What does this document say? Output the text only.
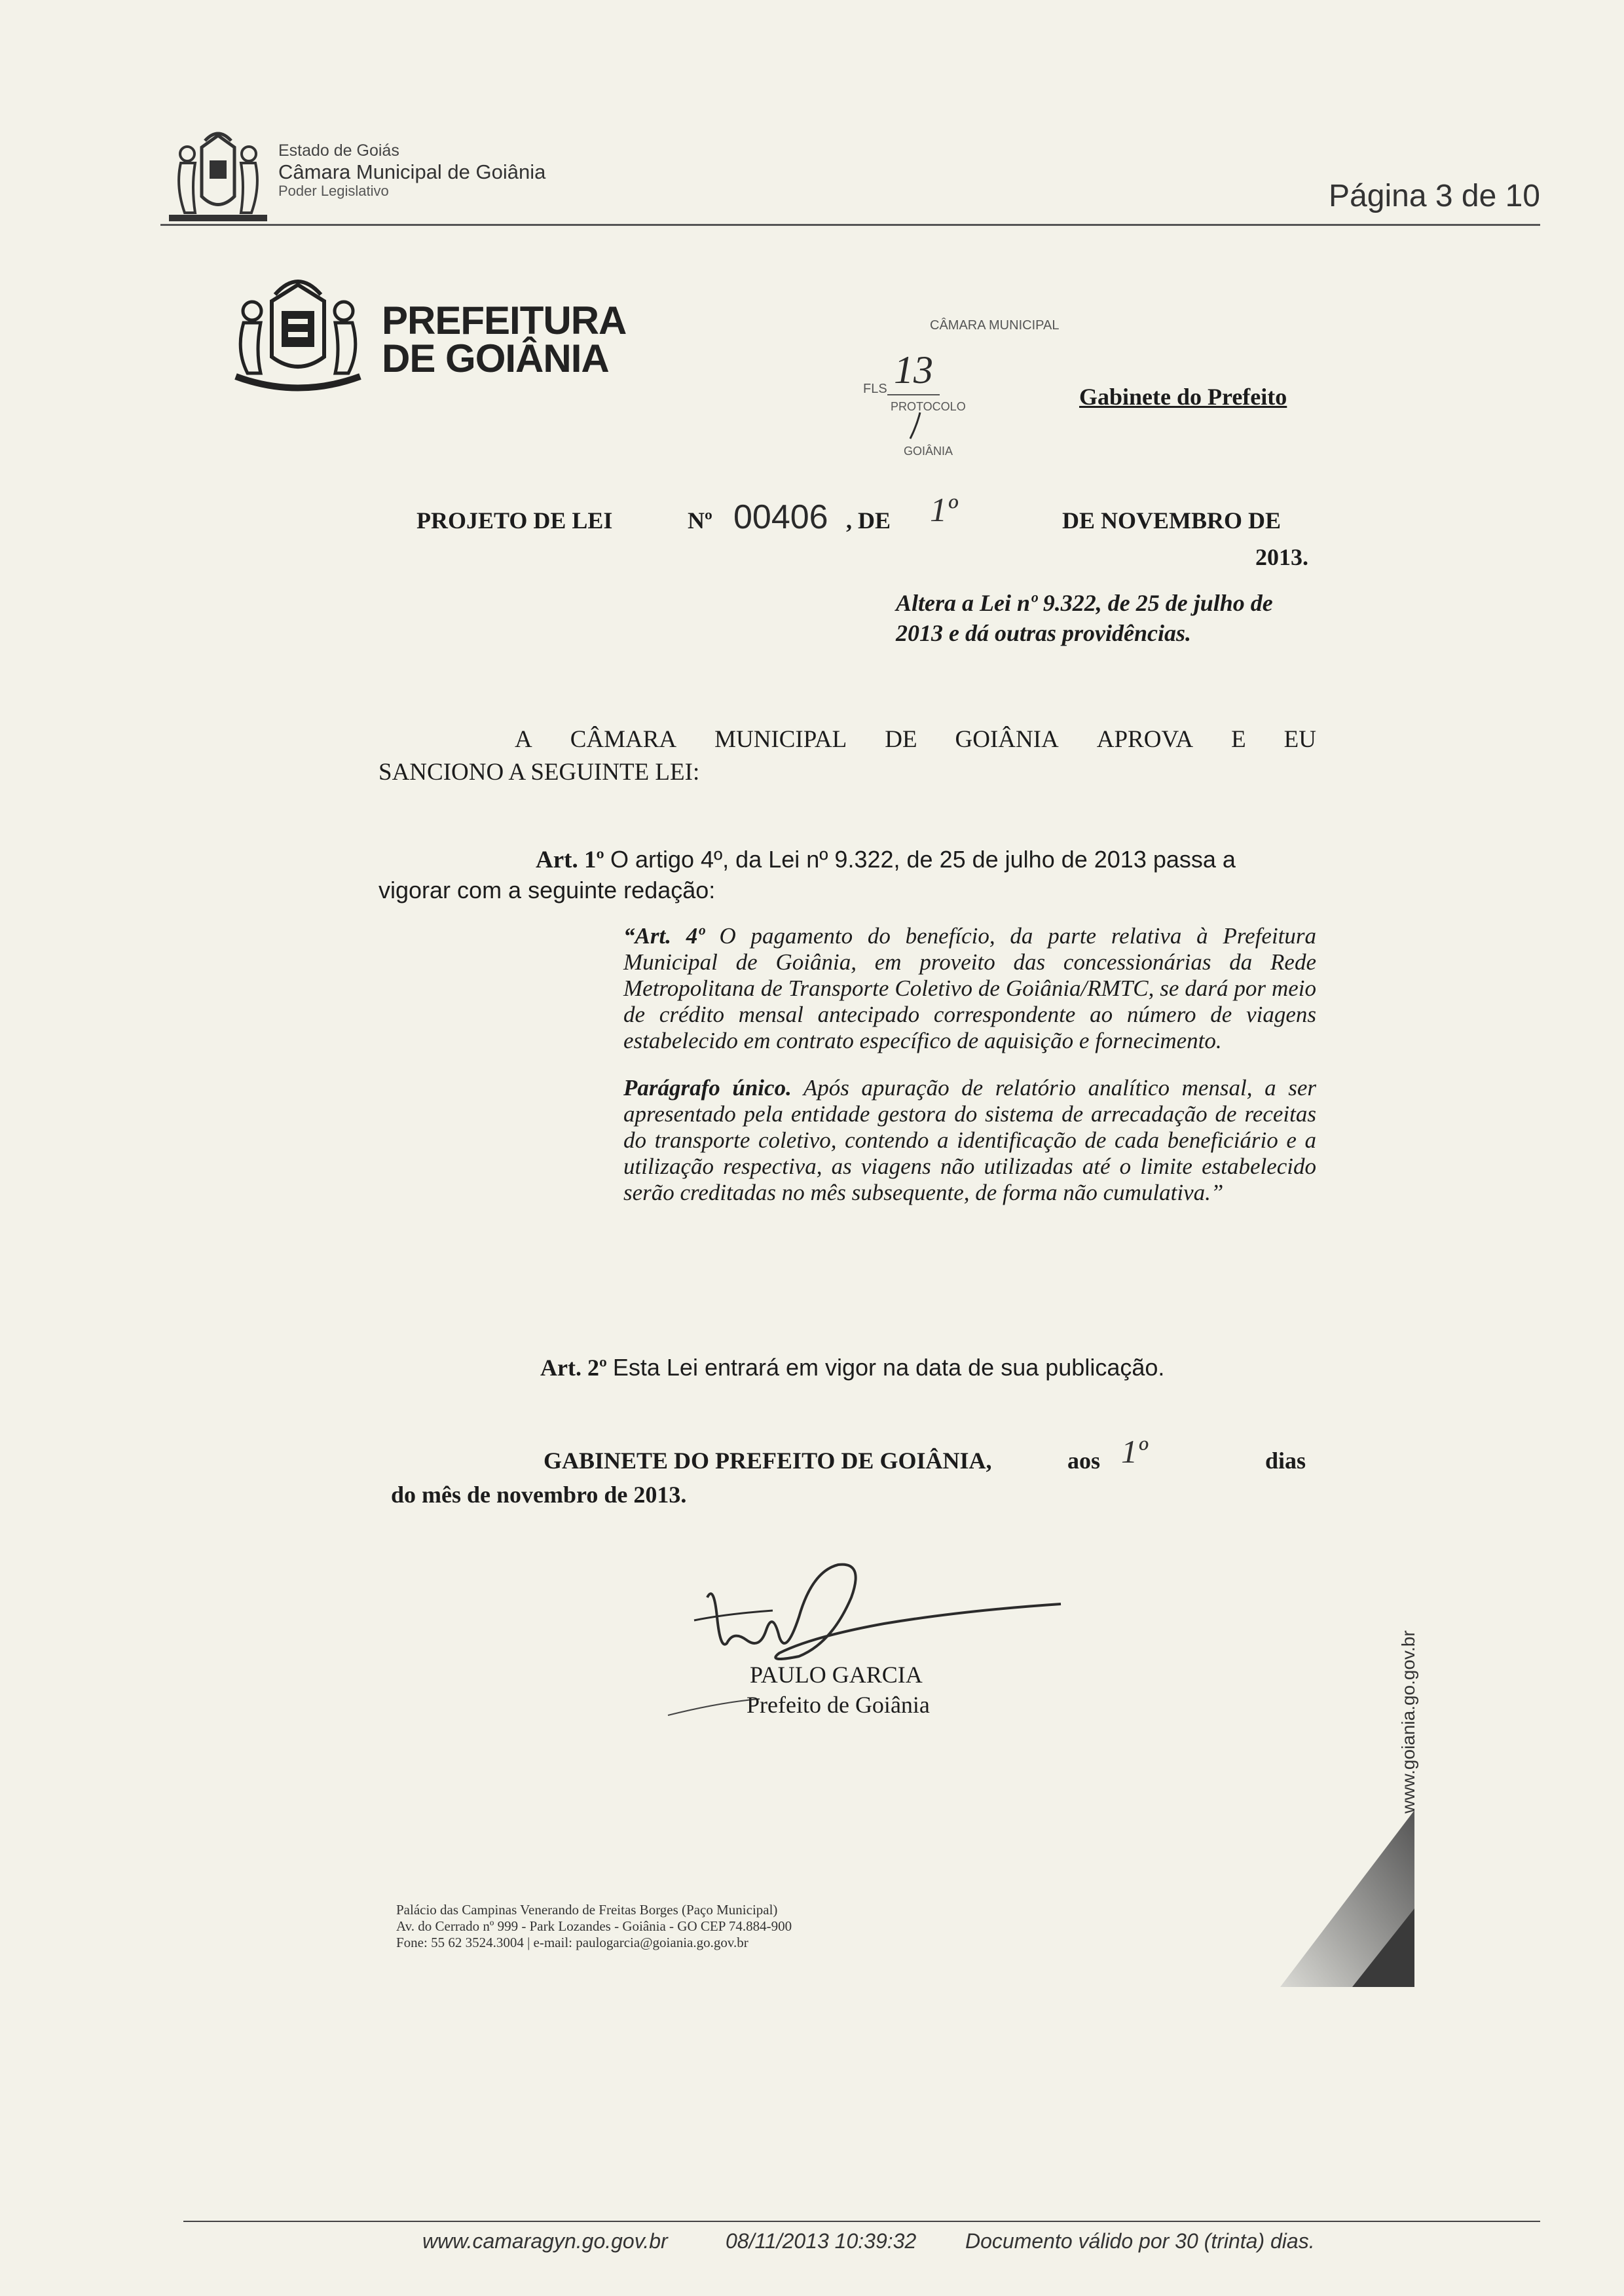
Estado de Goiás
Câmara Municipal de Goiânia
Poder Legislativo	Página 3 de 10
PREFEITURA
DE GOIÂNIA
CÂMARA MUNICIPAL
FLS
PROTOCOLO
13
GOIÂNIA
Gabinete do Prefeito
PROJETO DE LEI	Nº 00406 , DE 1º	DE NOVEMBRO DE
2013.
Altera a Lei nº 9.322, de 25 de julho de 2013 e dá outras providências.
A CÂMARA MUNICIPAL DE GOIÂNIA APROVA E EU
SANCIONO A SEGUINTE LEI:
Art. 1º O artigo 4º, da Lei nº 9.322, de 25 de julho de 2013 passa a
vigorar com a seguinte redação:

“Art. 4º O pagamento do benefício, da parte relativa à Prefeitura Municipal de Goiânia, em proveito das concessionárias da Rede Metropolitana de Transporte Coletivo de Goiânia/RMTC, se dará por meio de crédito mensal antecipado correspondente ao número de viagens estabelecido em contrato específico de aquisição e fornecimento.

Parágrafo único. Após apuração de relatório analítico mensal, a ser apresentado pela entidade gestora do sistema de arrecadação de receitas do transporte coletivo, contendo a identificação de cada beneficiário e a utilização respectiva, as viagens não utilizadas até o limite estabelecido serão creditadas no mês subsequente, de forma não cumulativa.”

Art. 2º Esta Lei entrará em vigor na data de sua publicação.
GABINETE DO PREFEITO DE GOIÂNIA,	aos	dias
1º
do mês de novembro de 2013.
PAULO GARCIA
Prefeito de Goiânia
Palácio das Campinas Venerando de Freitas Borges (Paço Municipal)
Av. do Cerrado nº 999 - Park Lozandes - Goiânia - GO CEP 74.884-900
Fone: 55 62 3524.3004 | e-mail: paulogarcia@goiania.go.gov.br
www.goiania.go.gov.br
www.camaragyn.go.gov.br	08/11/2013 10:39:32 Documento válido por 30 (trinta) dias.
